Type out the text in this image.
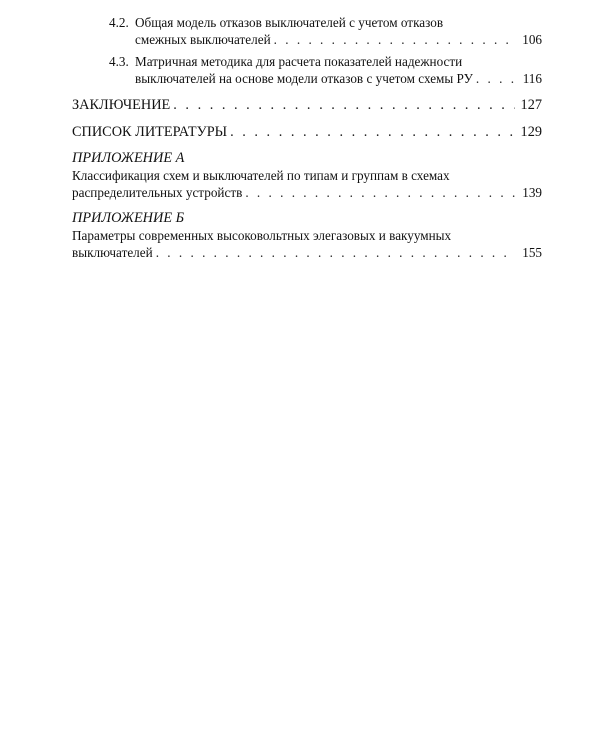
4.2. Общая модель отказов выключателей с учетом отказов
смежных выключателей . . .	106
4.3. Матричная методика для расчета показателей надежности
выключателей на основе модели отказов с учетом схемы РУ . . .	116
ЗАКЛЮЧЕНИЕ . . .	127
СПИСОК ЛИТЕРАТУРЫ . . .	129
ПРИЛОЖЕНИЕ А
Классификация схем и выключателей по типам и группам в схемах
распределительных устройств . . .	139
ПРИЛОЖЕНИЕ Б
Параметры современных высоковольтных элегазовых и вакуумных
выключателей . . .	155
